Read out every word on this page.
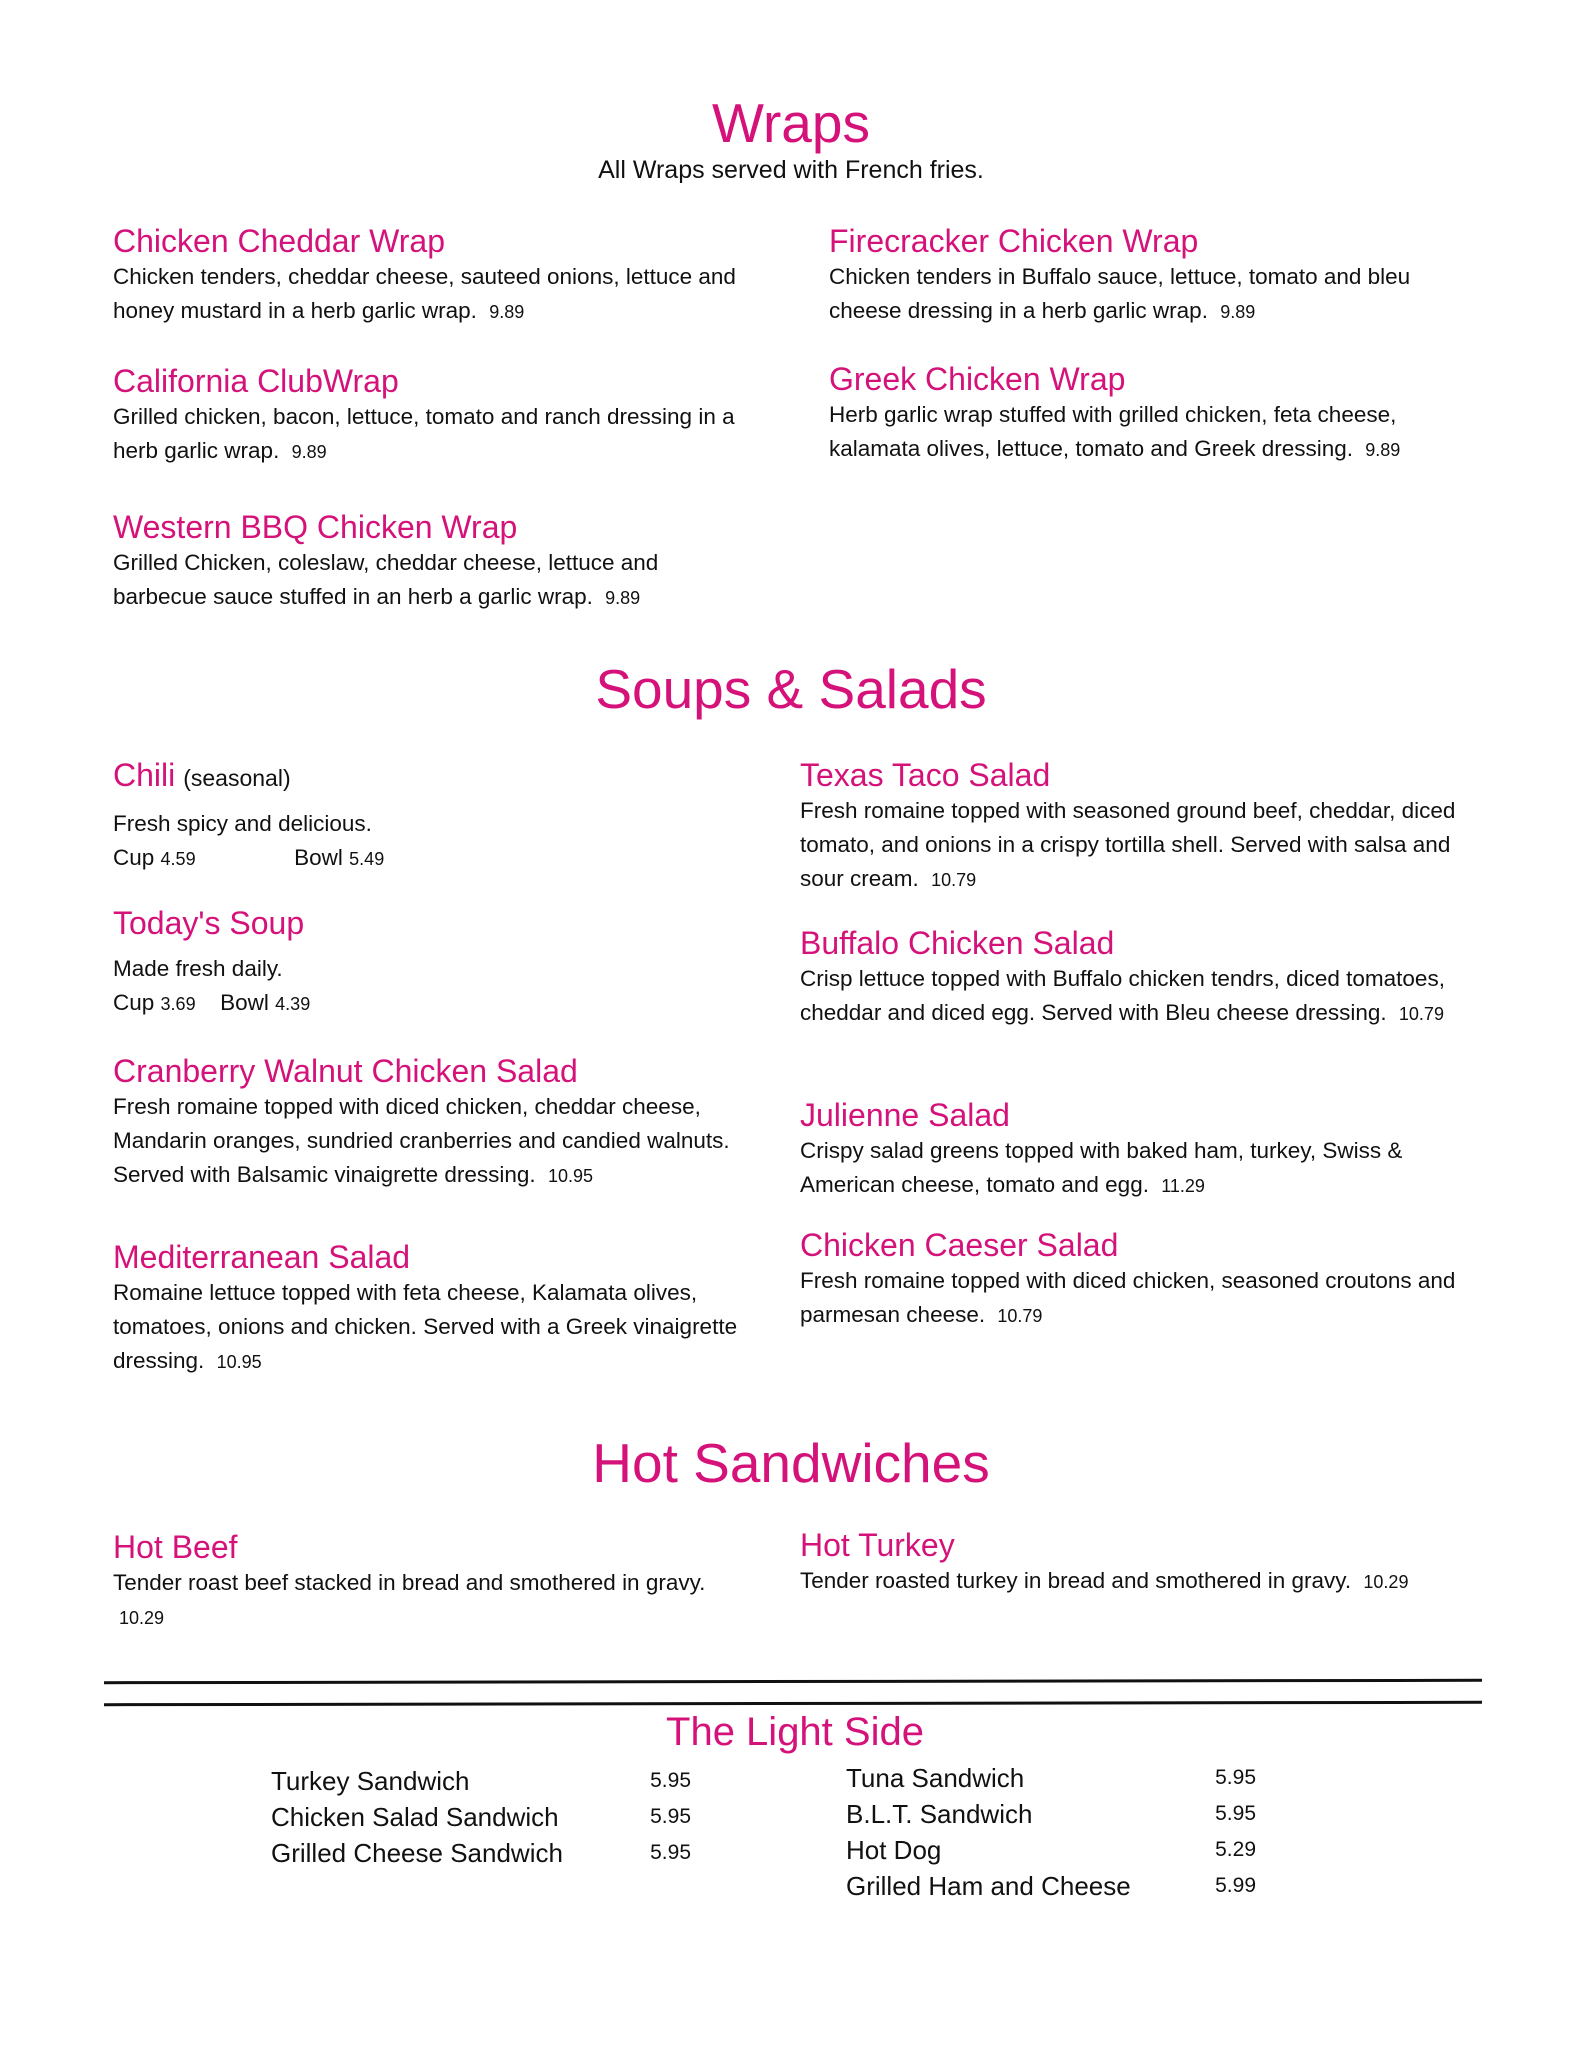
Wraps
All Wraps served with French fries.
Chicken Cheddar Wrap
Chicken tenders, cheddar cheese, sauteed onions, lettuce and honey mustard in a herb garlic wrap. 9.89
Firecracker Chicken Wrap
Chicken tenders in Buffalo sauce, lettuce, tomato and bleu cheese dressing in a herb garlic wrap. 9.89
California ClubWrap
Grilled chicken, bacon, lettuce, tomato and ranch dressing in a herb garlic wrap. 9.89
Greek Chicken Wrap
Herb garlic wrap stuffed with grilled chicken, feta cheese, kalamata olives, lettuce, tomato and Greek dressing. 9.89
Western BBQ Chicken Wrap
Grilled Chicken, coleslaw, cheddar cheese, lettuce and barbecue sauce stuffed in an herb a garlic wrap. 9.89
Soups & Salads
Chili (seasonal)
Fresh spicy and delicious.
Cup 4.59	Bowl 5.49
Today's Soup
Made fresh daily.
Cup 3.69 Bowl 4.39
Cranberry Walnut Chicken Salad
Fresh romaine topped with diced chicken, cheddar cheese, Mandarin oranges, sundried cranberries and candied walnuts. Served with Balsamic vinaigrette dressing. 10.95
Mediterranean Salad
Romaine lettuce topped with feta cheese, Kalamata olives, tomatoes, onions and chicken. Served with a Greek vinaigrette dressing. 10.95
Texas Taco Salad
Fresh romaine topped with seasoned ground beef, cheddar, diced tomato, and onions in a crispy tortilla shell. Served with salsa and sour cream. 10.79
Buffalo Chicken Salad
Crisp lettuce topped with Buffalo chicken tendrs, diced tomatoes, cheddar and diced egg. Served with Bleu cheese dressing. 10.79
Julienne Salad
Crispy salad greens topped with baked ham, turkey, Swiss & American cheese, tomato and egg. 11.29
Chicken Caeser Salad
Fresh romaine topped with diced chicken, seasoned croutons and parmesan cheese. 10.79
Hot Sandwiches
Hot Beef
Tender roast beef stacked in bread and smothered in gravy. 10.29
Hot Turkey
Tender roasted turkey in bread and smothered in gravy. 10.29
The Light Side
Turkey Sandwich	5.95
Chicken Salad Sandwich	5.95
Grilled Cheese Sandwich	5.95
Tuna Sandwich	5.95
B.L.T. Sandwich	5.95
Hot Dog	5.29
Grilled Ham and Cheese	5.99
